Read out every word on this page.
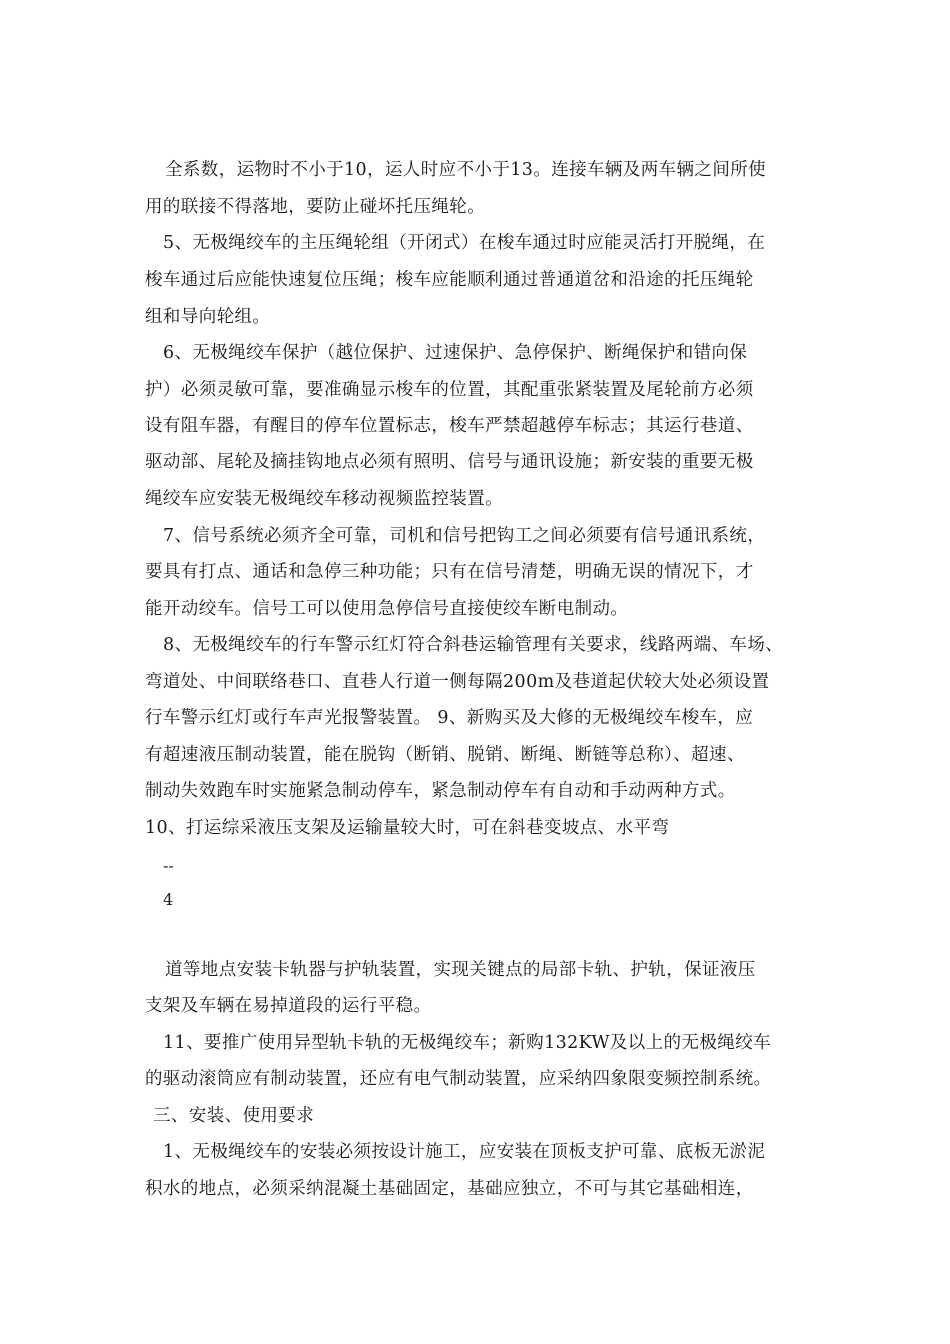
全系数，运物时不小于10，运人时应不小于13。连接车辆及两车辆之间所使
用的联接不得落地，要防止碰坏托压绳轮。
5、无极绳绞车的主压绳轮组（开闭式）在梭车通过时应能灵活打开脱绳，在
梭车通过后应能快速复位压绳；梭车应能顺利通过普通道岔和沿途的托压绳轮
组和导向轮组。
6、无极绳绞车保护（越位保护、过速保护、急停保护、断绳保护和错向保
护）必须灵敏可靠，要准确显示梭车的位置，其配重张紧装置及尾轮前方必须
设有阻车器，有醒目的停车位置标志，梭车严禁超越停车标志；其运行巷道、
驱动部、尾轮及摘挂钩地点必须有照明、信号与通讯设施；新安装的重要无极
绳绞车应安装无极绳绞车移动视频监控装置。
7、信号系统必须齐全可靠，司机和信号把钩工之间必须要有信号通讯系统，
要具有打点、通话和急停三种功能；只有在信号清楚，明确无误的情况下，才
能开动绞车。信号工可以使用急停信号直接使绞车断电制动。
8、无极绳绞车的行车警示红灯符合斜巷运输管理有关要求，线路两端、车场、
弯道处、中间联络巷口、直巷人行道一侧每隔200m及巷道起伏较大处必须设置
行车警示红灯或行车声光报警装置。 9、新购买及大修的无极绳绞车梭车，应
有超速液压制动装置，能在脱钩（断销、脱销、断绳、断链等总称）、超速、
制动失效跑车时实施紧急制动停车，紧急制动停车有自动和手动两种方式。
10、打运综采液压支架及运输量较大时，可在斜巷变坡点、水平弯
--
4
道等地点安装卡轨器与护轨装置，实现关键点的局部卡轨、护轨，保证液压
支架及车辆在易掉道段的运行平稳。
11、要推广使用异型轨卡轨的无极绳绞车；新购132KW及以上的无极绳绞车
的驱动滚筒应有制动装置，还应有电气制动装置，应采纳四象限变频控制系统。
三、安装、使用要求
1、无极绳绞车的安装必须按设计施工，应安装在顶板支护可靠、底板无淤泥
积水的地点，必须采纳混凝土基础固定，基础应独立，不可与其它基础相连，
